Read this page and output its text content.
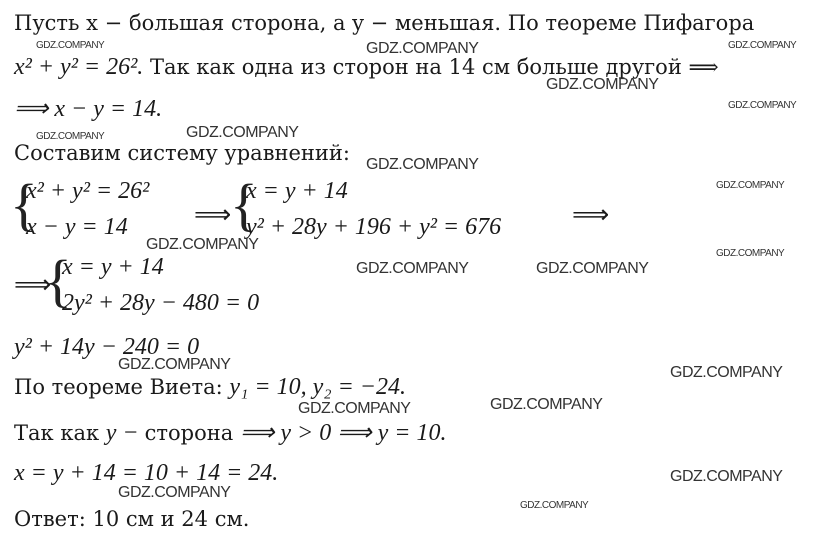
Пусть x − большая сторона, а y − меньшая. По теореме Пифагора
x² + y² = 26². Так как одна из сторон на 14 см больше другой ⟹
⟹ x − y = 14.
Составим систему уравнений:
{
x² + y² = 26²
x − y = 14	⟹
{
x = y + 14
y² + 28y + 196 + y² = 676	⟹
⟹
{
x = y + 14
2y² + 28y − 480 = 0
y² + 14y − 240 = 0
По теореме Виета: y₁ = 10, y₂ = −24.
Так как y − сторона ⟹ y > 0 ⟹ y = 10.
x = y + 14 = 10 + 14 = 24.
Ответ: 10 см и 24 см.
GDZ.COMPANY	GDZ.COMPANY	GDZ.COMPANY
GDZ.COMPANY
GDZ.COMPANY
GDZ.COMPANY	GDZ.COMPANY
GDZ.COMPANY
GDZ.COMPANY
GDZ.COMPANY
GDZ.COMPANY
GDZ.COMPANY	GDZ.COMPANY
GDZ.COMPANY	GDZ.COMPANY
GDZ.COMPANY	GDZ.COMPANY
GDZ.COMPANY
GDZ.COMPANY
GDZ.COMPANY
